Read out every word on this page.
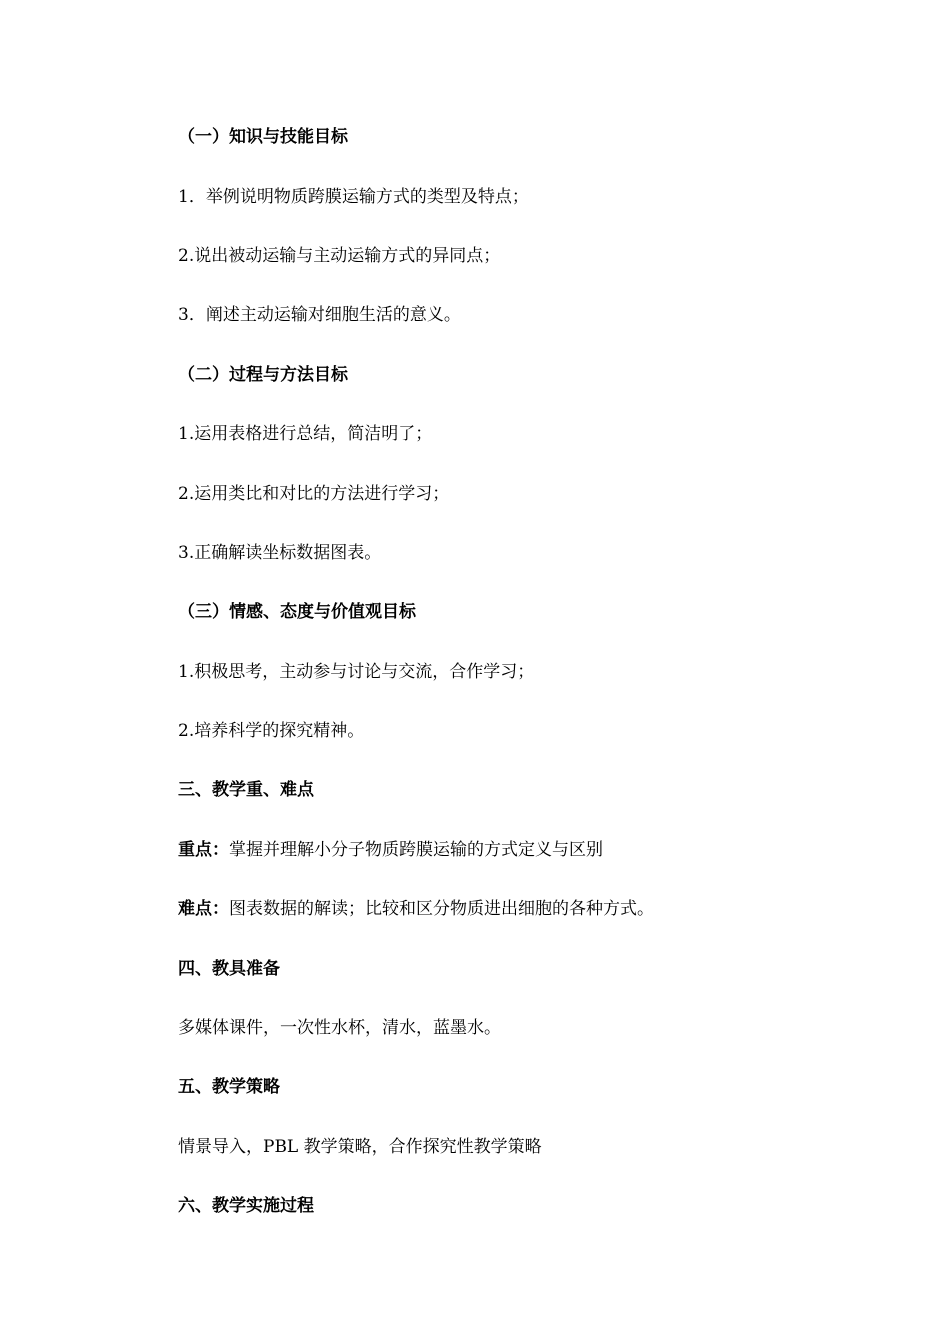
（一）知识与技能目标

1．举例说明物质跨膜运输方式的类型及特点；

2.说出被动运输与主动运输方式的异同点；

3．阐述主动运输对细胞生活的意义。

（二）过程与方法目标

1.运用表格进行总结，简洁明了；

2.运用类比和对比的方法进行学习；

3.正确解读坐标数据图表。

（三）情感、态度与价值观目标

1.积极思考，主动参与讨论与交流，合作学习；

2.培养科学的探究精神。

三、教学重、难点

重点：掌握并理解小分子物质跨膜运输的方式定义与区别

难点：图表数据的解读；比较和区分物质进出细胞的各种方式。

四、教具准备

多媒体课件，一次性水杯，清水，蓝墨水。

五、教学策略

情景导入，PBL 教学策略，合作探究性教学策略

六、教学实施过程
